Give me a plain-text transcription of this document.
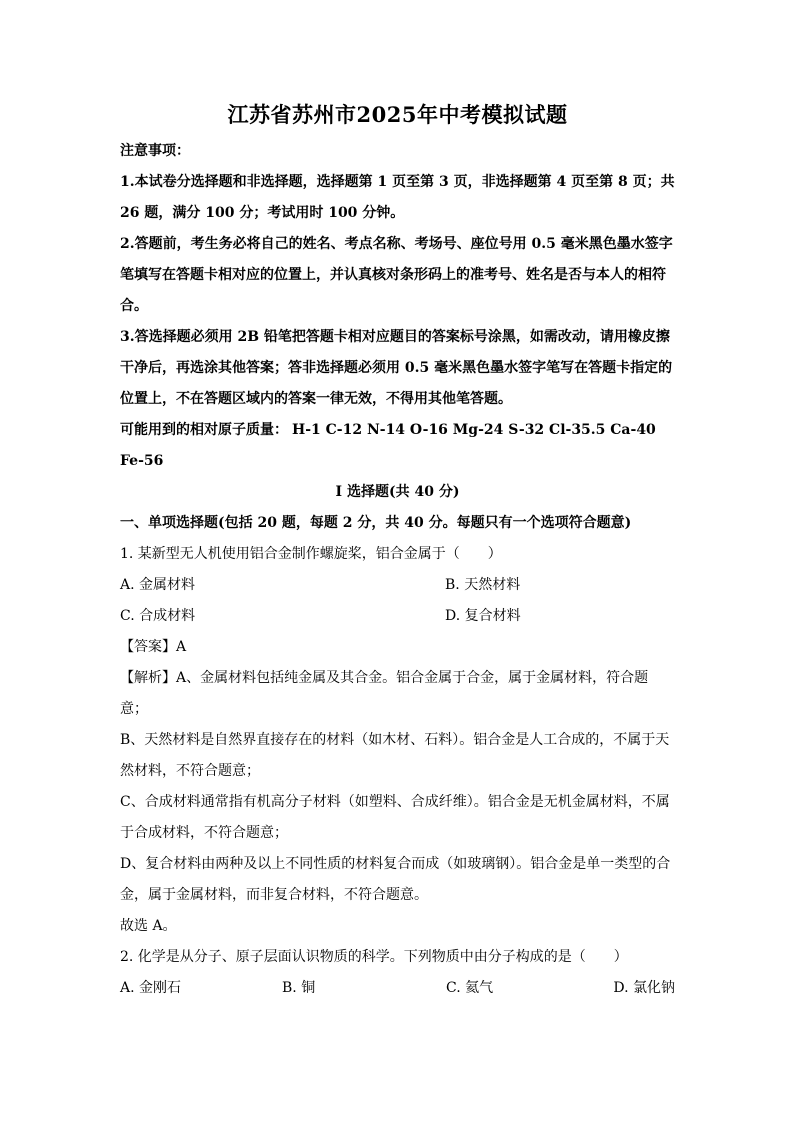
江苏省苏州市2025年中考模拟试题
注意事项：
1.本试卷分选择题和非选择题，选择题第 1 页至第 3 页，非选择题第 4 页至第 8 页；共 26 题，满分 100 分；考试用时 100 分钟。
2.答题前，考生务必将自己的姓名、考点名称、考场号、座位号用 0.5 毫米黑色墨水签字笔填写在答题卡相对应的位置上，并认真核对条形码上的准考号、姓名是否与本人的相符合。
3.答选择题必须用 2B 铅笔把答题卡相对应题目的答案标号涂黑，如需改动，请用橡皮擦干净后，再选涂其他答案；答非选择题必须用 0.5 毫米黑色墨水签字笔写在答题卡指定的位置上，不在答题区域内的答案一律无效，不得用其他笔答题。
可能用到的相对原子质量： H-1 C-12 N-14 O-16 Mg-24 S-32 Cl-35.5 Ca-40 Fe-56
Ⅰ 选择题(共 40 分)
一、单项选择题(包括 20 题，每题 2 分，共 40 分。每题只有一个选项符合题意)
1. 某新型无人机使用铝合金制作螺旋桨，铝合金属于（　　）
A. 金属材料	B. 天然材料
C. 合成材料	D. 复合材料
【答案】A
【解析】A、金属材料包括纯金属及其合金。铝合金属于合金，属于金属材料，符合题意；
B、天然材料是自然界直接存在的材料（如木材、石料）。铝合金是人工合成的，不属于天然材料，不符合题意；
C、合成材料通常指有机高分子材料（如塑料、合成纤维）。铝合金是无机金属材料，不属于合成材料，不符合题意；
D、复合材料由两种及以上不同性质的材料复合而成（如玻璃钢）。铝合金是单一类型的合金，属于金属材料，而非复合材料，不符合题意。
故选 A。
2. 化学是从分子、原子层面认识物质的科学。下列物质中由分子构成的是（　　）
A. 金刚石	B. 铜	C. 氦气	D. 氯化钠
